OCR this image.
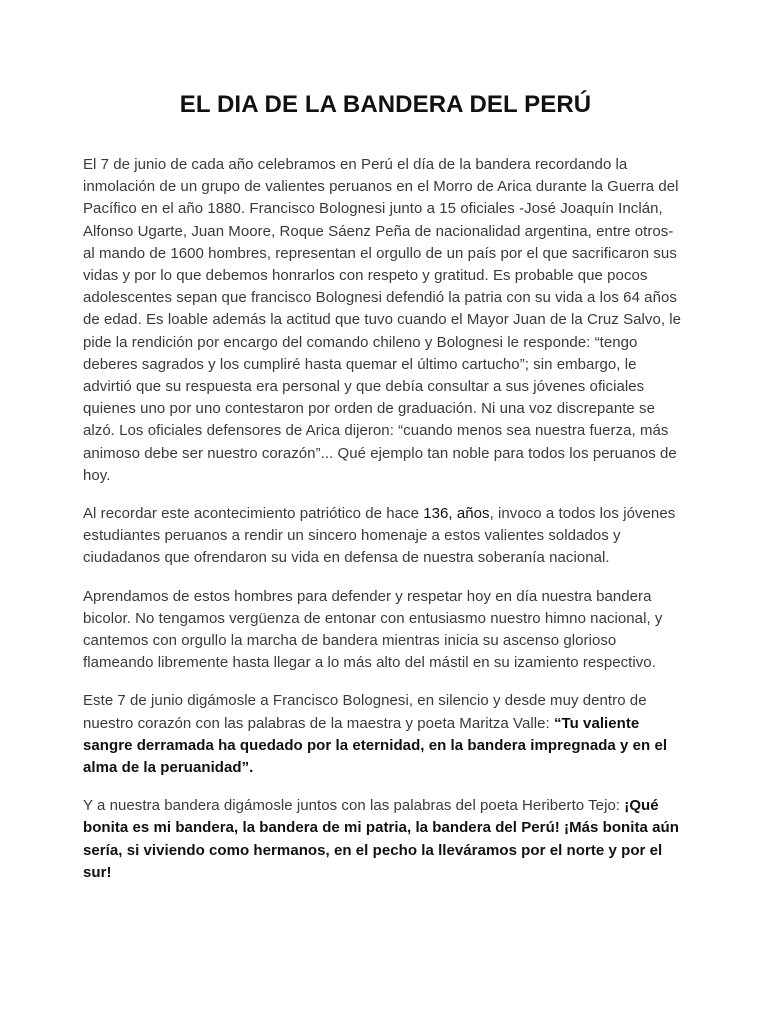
EL DIA DE LA BANDERA DEL PERÚ

El 7 de junio de cada año celebramos en Perú el día de la bandera recordando la inmolación de un grupo de valientes peruanos en el Morro de Arica durante la Guerra del Pacífico en el año 1880. Francisco Bolognesi junto a 15 oficiales -José Joaquín Inclán, Alfonso Ugarte, Juan Moore, Roque Sáenz Peña de nacionalidad argentina, entre otros- al mando de 1600 hombres, representan el orgullo de un país por el que sacrificaron sus vidas y por lo que debemos honrarlos con respeto y gratitud. Es probable que pocos adolescentes sepan que francisco Bolognesi defendió la patria con su vida a los 64 años de edad. Es loable además la actitud que tuvo cuando el Mayor Juan de la Cruz Salvo, le pide la rendición por encargo del comando chileno y Bolognesi le responde: “tengo deberes sagrados y los cumpliré hasta quemar el último cartucho”; sin embargo, le advirtió que su respuesta era personal y que debía consultar a sus jóvenes oficiales quienes uno por uno contestaron por orden de graduación. Ni una voz discrepante se alzó. Los oficiales defensores de Arica dijeron: “cuando menos sea nuestra fuerza, más animoso debe ser nuestro corazón”... Qué ejemplo tan noble para todos los peruanos de hoy.

Al recordar este acontecimiento patriótico de hace 136, años, invoco a todos los jóvenes estudiantes peruanos a rendir un sincero homenaje a estos valientes soldados y ciudadanos que ofrendaron su vida en defensa de nuestra soberanía nacional.

Aprendamos de estos hombres para defender y respetar hoy en día nuestra bandera bicolor. No tengamos vergüenza de entonar con entusiasmo nuestro himno nacional, y cantemos con orgullo la marcha de bandera mientras inicia su ascenso glorioso flameando libremente hasta llegar a lo más alto del mástil en su izamiento respectivo.

Este 7 de junio digámosle a Francisco Bolognesi, en silencio y desde muy dentro de nuestro corazón con las palabras de la maestra y poeta Maritza Valle: “Tu valiente sangre derramada ha quedado por la eternidad, en la bandera impregnada y en el alma de la peruanidad”.

Y a nuestra bandera digámosle juntos con las palabras del poeta Heriberto Tejo: ¡Qué bonita es mi bandera, la bandera de mi patria, la bandera del Perú! ¡Más bonita aún sería, si viviendo como hermanos, en el pecho la lleváramos por el norte y por el sur!
